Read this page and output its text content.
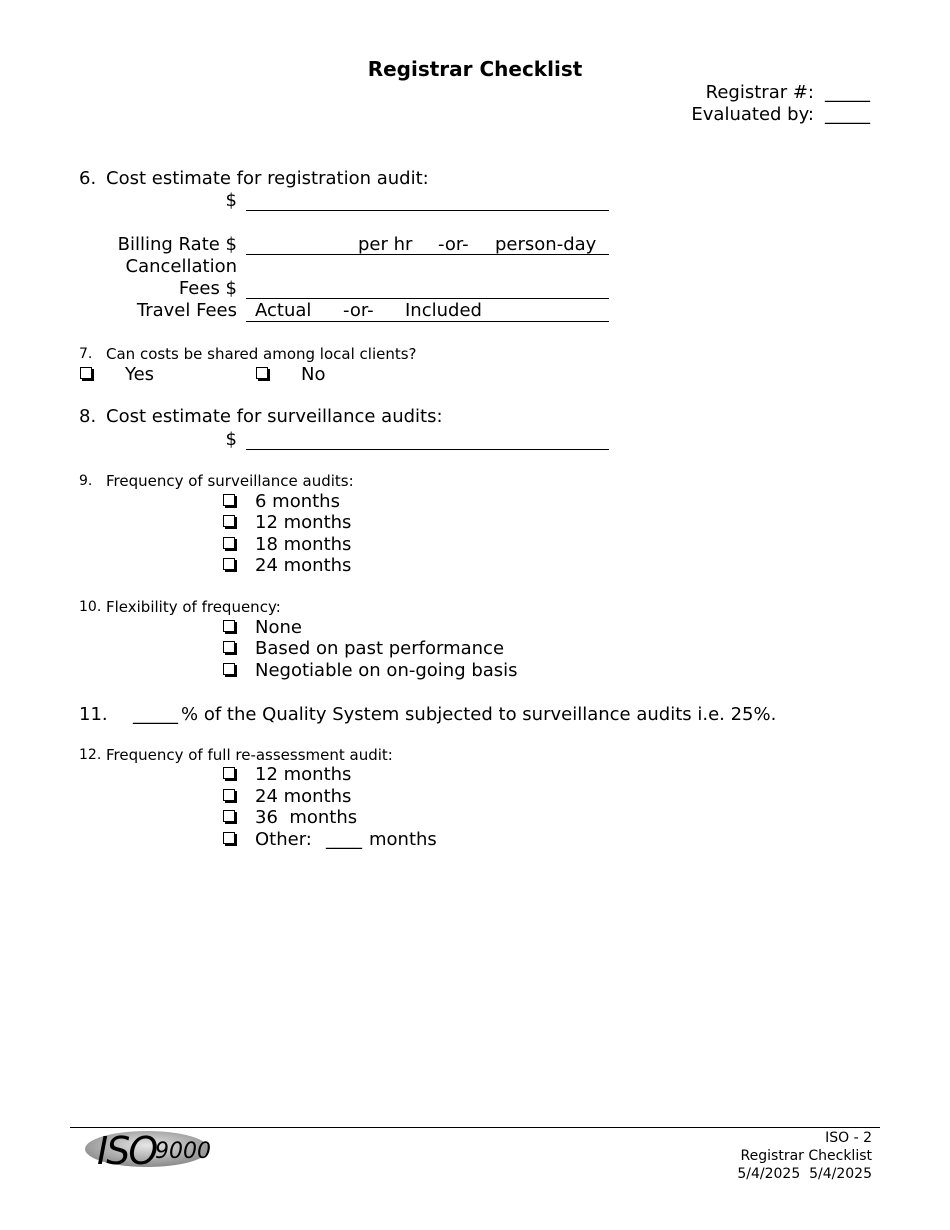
Registrar Checklist
Registrar #: _____
Evaluated by: _____
6. Cost estimate for registration audit:
$
Billing Rate $	per hr -or- person-day
Cancellation
Fees $
Travel Fees Actual -or- Included
7. Can costs be shared among local clients?
Yes	No
8. Cost estimate for surveillance audits:
$
9. Frequency of surveillance audits:
6 months
12 months
18 months
24 months
10. Flexibility of frequency:
None
Based on past performance
Negotiable on on-going basis
11. _____ % of the Quality System subjected to surveillance audits i.e. 25%.
12. Frequency of full re-assessment audit:
12 months
24 months
36  months
Other: ____ months
ISO
9000
ISO - 2
Registrar Checklist
5/4/2025  5/4/2025
